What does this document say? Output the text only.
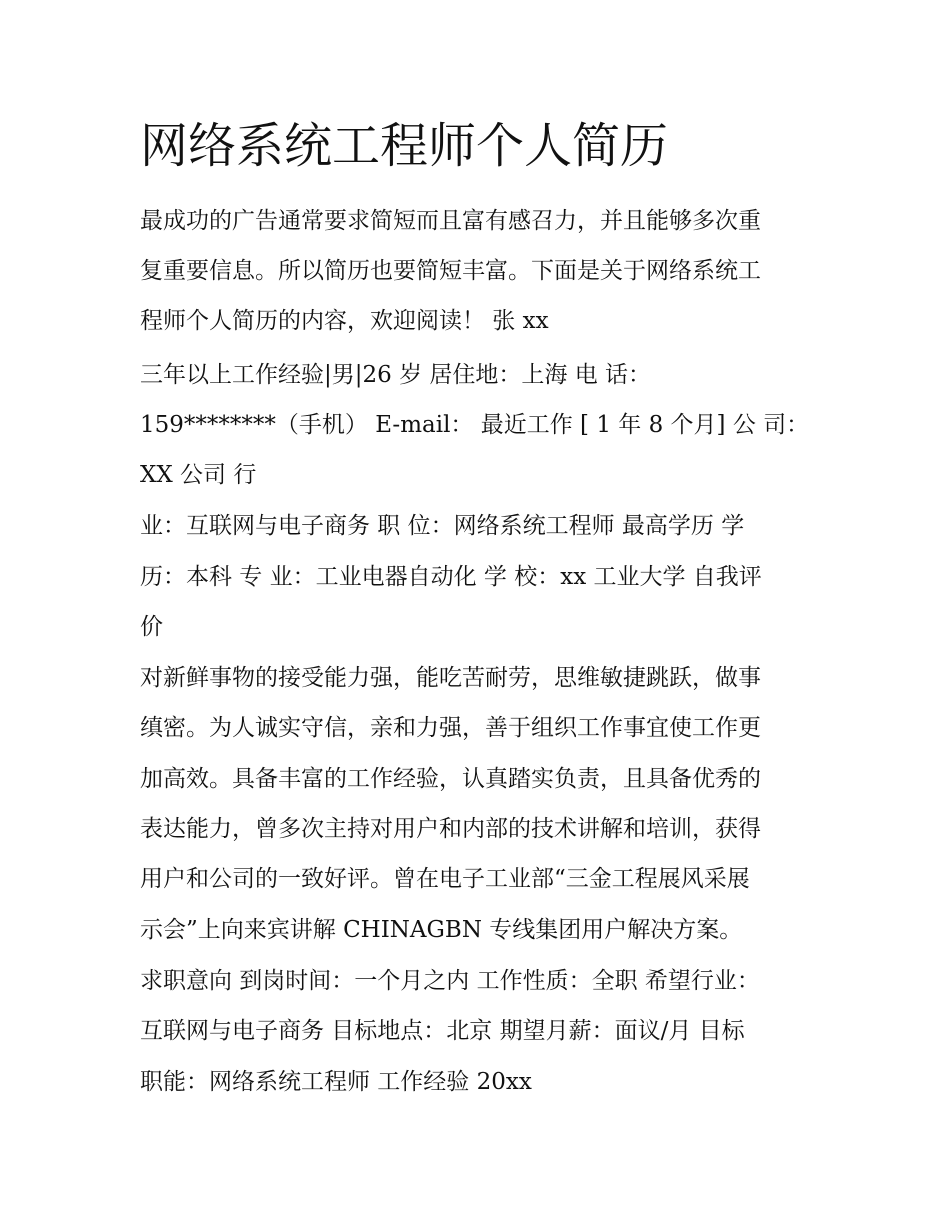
网络系统工程师个人简历

最成功的广告通常要求简短而且富有感召力，并且能够多次重

复重要信息。所以简历也要简短丰富。下面是关于网络系统工

程师个人简历的内容，欢迎阅读！ 张 xx

三年以上工作经验|男|26 岁 居住地：上海 电 话：

159********（手机） E-mail： 最近工作 [ 1 年 8 个月] 公 司：

XX 公司 行

业：互联网与电子商务 职 位：网络系统工程师 最高学历 学

历：本科 专 业：工业电器自动化 学 校：xx 工业大学 自我评

价

对新鲜事物的接受能力强，能吃苦耐劳，思维敏捷跳跃，做事

缜密。为人诚实守信，亲和力强，善于组织工作事宜使工作更

加高效。具备丰富的工作经验，认真踏实负责，且具备优秀的

表达能力，曾多次主持对用户和内部的技术讲解和培训，获得

用户和公司的一致好评。曾在电子工业部“三金工程展风采展

示会”上向来宾讲解 CHINAGBN 专线集团用户解决方案。

求职意向 到岗时间：一个月之内 工作性质：全职 希望行业：

互联网与电子商务 目标地点：北京 期望月薪：面议/月 目标

职能：网络系统工程师 工作经验 20xx
